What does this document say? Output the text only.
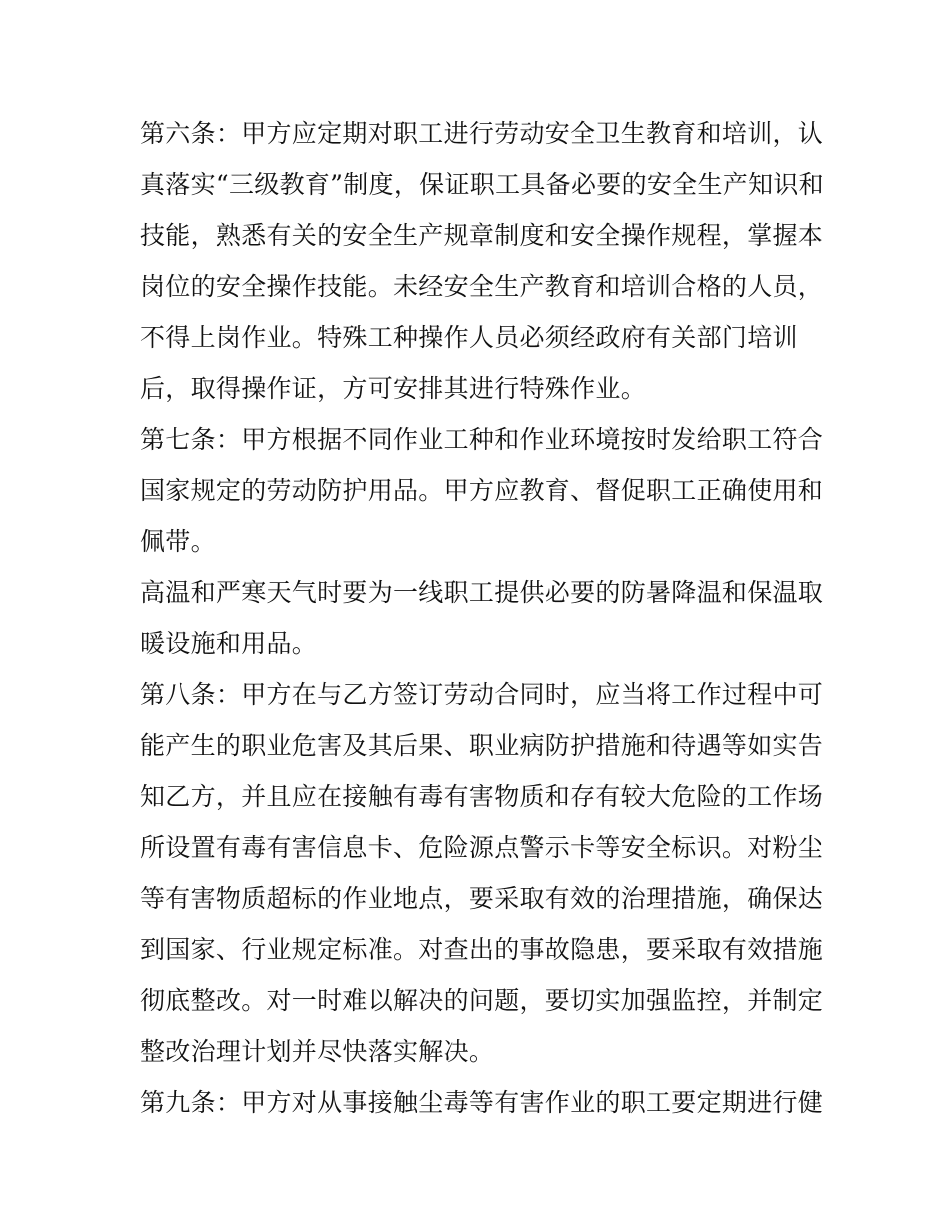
第六条：甲方应定期对职工进行劳动安全卫生教育和培训，认
真落实“三级教育”制度，保证职工具备必要的安全生产知识和
技能，熟悉有关的安全生产规章制度和安全操作规程，掌握本
岗位的安全操作技能。未经安全生产教育和培训合格的人员，
不得上岗作业。特殊工种操作人员必须经政府有关部门培训
后，取得操作证，方可安排其进行特殊作业。
第七条：甲方根据不同作业工种和作业环境按时发给职工符合
国家规定的劳动防护用品。甲方应教育、督促职工正确使用和
佩带。
高温和严寒天气时要为一线职工提供必要的防暑降温和保温取
暖设施和用品。
第八条：甲方在与乙方签订劳动合同时，应当将工作过程中可
能产生的职业危害及其后果、职业病防护措施和待遇等如实告
知乙方，并且应在接触有毒有害物质和存有较大危险的工作场
所设置有毒有害信息卡、危险源点警示卡等安全标识。对粉尘
等有害物质超标的作业地点，要采取有效的治理措施，确保达
到国家、行业规定标准。对查出的事故隐患，要采取有效措施
彻底整改。对一时难以解决的问题，要切实加强监控，并制定
整改治理计划并尽快落实解决。
第九条：甲方对从事接触尘毒等有害作业的职工要定期进行健
